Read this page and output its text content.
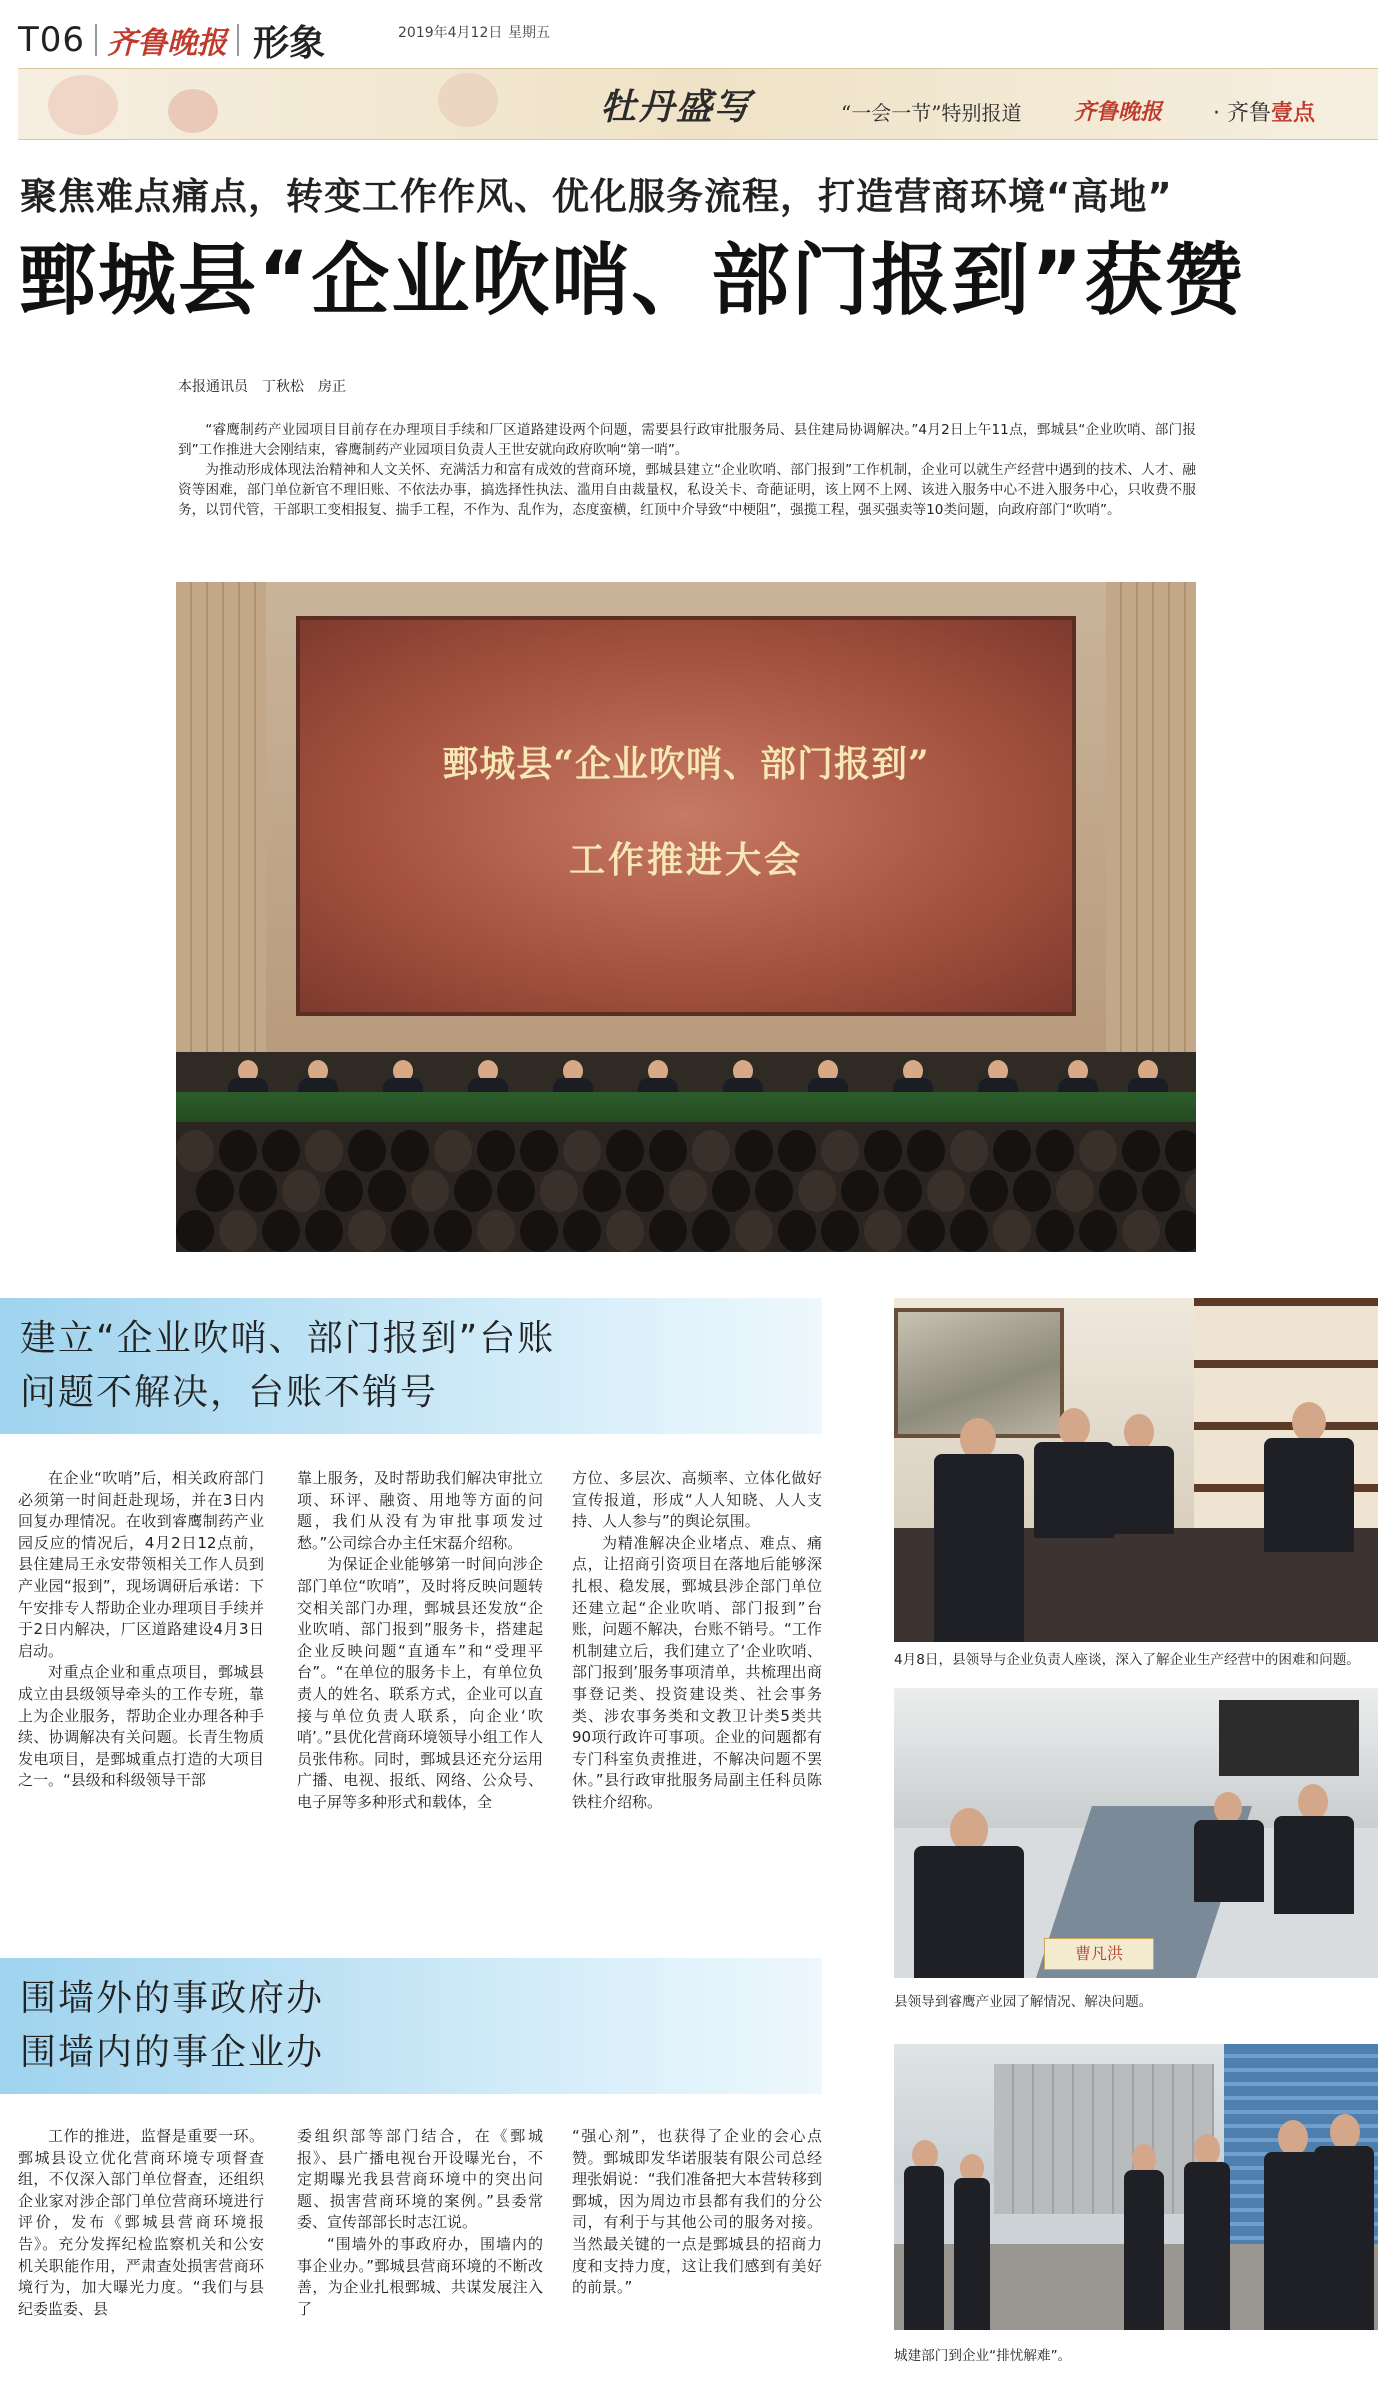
T06 齐鲁晚报 形象	2019年4月12日 星期五
牡丹盛写	“一会一节”特别报道 齐鲁晚报 · 齐鲁壹点
聚焦难点痛点，转变工作作风、优化服务流程，打造营商环境“高地”
鄄城县“企业吹哨、部门报到”获赞
本报通讯员　丁秋松　房正

“睿鹰制药产业园项目目前存在办理项目手续和厂区道路建设两个问题，需要县行政审批服务局、县住建局协调解决。”4月2日上午11点，鄄城县“企业吹哨、部门报到”工作推进大会刚结束，睿鹰制药产业园项目负责人王世安就向政府吹响“第一哨”。

为推动形成体现法治精神和人文关怀、充满活力和富有成效的营商环境，鄄城县建立“企业吹哨、部门报到”工作机制，企业可以就生产经营中遇到的技术、人才、融资等困难，部门单位新官不理旧账、不依法办事，搞选择性执法、滥用自由裁量权，私设关卡、奇葩证明，该上网不上网、该进入服务中心不进入服务中心，只收费不服务，以罚代管，干部职工变相报复、揣手工程，不作为、乱作为，态度蛮横，红顶中介导致“中梗阻”，强揽工程，强买强卖等10类问题，向政府部门“吹哨”。

鄄城县“企业吹哨、部门报到”
工作推进大会
建立“企业吹哨、部门报到”台账
问题不解决，台账不销号

在企业“吹哨”后，相关政府部门必须第一时间赶赴现场，并在3日内回复办理情况。在收到睿鹰制药产业园反应的情况后，4月2日12点前，县住建局王永安带领相关工作人员到产业园“报到”，现场调研后承诺：下午安排专人帮助企业办理项目手续并于2日内解决，厂区道路建设4月3日启动。

对重点企业和重点项目，鄄城县成立由县级领导牵头的工作专班，靠上为企业服务，帮助企业办理各种手续、协调解决有关问题。长青生物质发电项目，是鄄城重点打造的大项目之一。“县级和科级领导干部

靠上服务，及时帮助我们解决审批立项、环评、融资、用地等方面的问题，我们从没有为审批事项发过愁。”公司综合办主任宋磊介绍称。

为保证企业能够第一时间向涉企部门单位“吹哨”，及时将反映问题转交相关部门办理，鄄城县还发放“企业吹哨、部门报到”服务卡，搭建起企业反映问题“直通车”和“受理平台”。“在单位的服务卡上，有单位负责人的姓名、联系方式，企业可以直接与单位负责人联系，向企业‘吹哨’。”县优化营商环境领导小组工作人员张伟称。同时，鄄城县还充分运用广播、电视、报纸、网络、公众号、电子屏等多种形式和载体，全

方位、多层次、高频率、立体化做好宣传报道，形成“人人知晓、人人支持、人人参与”的舆论氛围。

为精准解决企业堵点、难点、痛点，让招商引资项目在落地后能够深扎根、稳发展，鄄城县涉企部门单位还建立起“企业吹哨、部门报到”台账，问题不解决，台账不销号。“工作机制建立后，我们建立了‘企业吹哨、部门报到’服务事项清单，共梳理出商事登记类、投资建设类、社会事务类、涉农事务类和文教卫计类5类共90项行政许可事项。企业的问题都有专门科室负责推进，不解决问题不罢休。”县行政审批服务局副主任科员陈铁柱介绍称。

围墙外的事政府办
围墙内的事企业办

工作的推进，监督是重要一环。鄄城县设立优化营商环境专项督查组，不仅深入部门单位督查，还组织企业家对涉企部门单位营商环境进行评价，发布《鄄城县营商环境报告》。充分发挥纪检监察机关和公安机关职能作用，严肃查处损害营商环境行为，加大曝光力度。“我们与县纪委监委、县

委组织部等部门结合，在《鄄城报》、县广播电视台开设曝光台，不定期曝光我县营商环境中的突出问题、损害营商环境的案例。”县委常委、宣传部部长时志江说。

“围墙外的事政府办，围墙内的事企业办。”鄄城县营商环境的不断改善，为企业扎根鄄城、共谋发展注入了

“强心剂”，也获得了企业的会心点赞。鄄城即发华诺服装有限公司总经理张娟说：“我们准备把大本营转移到鄄城，因为周边市县都有我们的分公司，有利于与其他公司的服务对接。当然最关键的一点是鄄城县的招商力度和支持力度，这让我们感到有美好的前景。”

4月8日，县领导与企业负责人座谈，深入了解企业生产经营中的困难和问题。
曹凡洪
县领导到睿鹰产业园了解情况、解决问题。
城建部门到企业“排忧解难”。
